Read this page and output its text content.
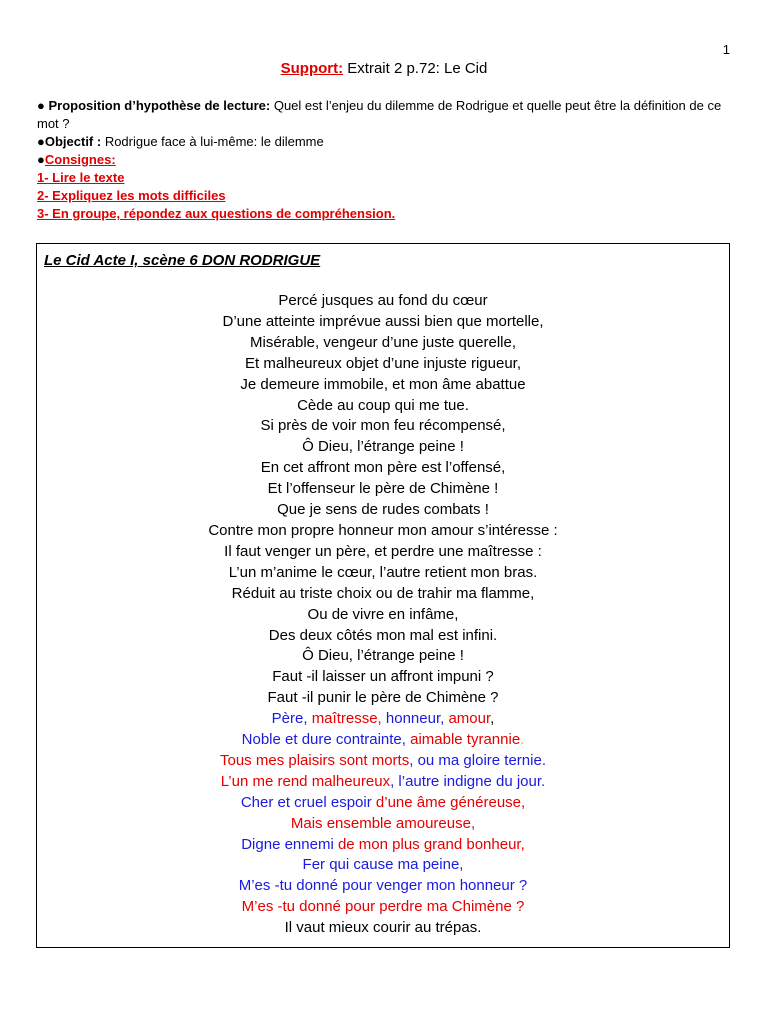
1
Support: Extrait 2 p.72: Le Cid

● Proposition d’hypothèse de lecture: Quel est l’enjeu du dilemme de Rodrigue et quelle peut être la définition de ce mot ?

●Objectif : Rodrigue face à lui-même: le dilemme

●Consignes:

1- Lire le texte

2- Expliquez les mots difficiles

3- En groupe, répondez aux questions de compréhension.

Le Cid Acte I, scène 6 DON RODRIGUE
Percé jusques au fond du cœur
D’une atteinte imprévue aussi bien que mortelle,
Misérable, vengeur d’une juste querelle,
Et malheureux objet d’une injuste rigueur,
Je demeure immobile, et mon âme abattue
Cède au coup qui me tue.
Si près de voir mon feu récompensé,
Ô Dieu, l’étrange peine !
En cet affront mon père est l’offensé,
Et l’offenseur le père de Chimène !
Que je sens de rudes combats !
Contre mon propre honneur mon amour s’intéresse :
Il faut venger un père, et perdre une maîtresse :
L’un m’anime le cœur, l’autre retient mon bras.
Réduit au triste choix ou de trahir ma flamme,
Ou de vivre en infâme,
Des deux côtés mon mal est infini.
Ô Dieu, l’étrange peine !
Faut -il laisser un affront impuni ?
Faut -il punir le père de Chimène ?
Père, maîtresse, honneur, amour,
Noble et dure contrainte, aimable tyrannie.
Tous mes plaisirs sont morts, ou ma gloire ternie.
L’un me rend malheureux, l’autre indigne du jour.
Cher et cruel espoir d’une âme généreuse,
Mais ensemble amoureuse,
Digne ennemi de mon plus grand bonheur,
Fer qui cause ma peine,
M’es -tu donné pour venger mon honneur ?
M’es -tu donné pour perdre ma Chimène ?
Il vaut mieux courir au trépas.
